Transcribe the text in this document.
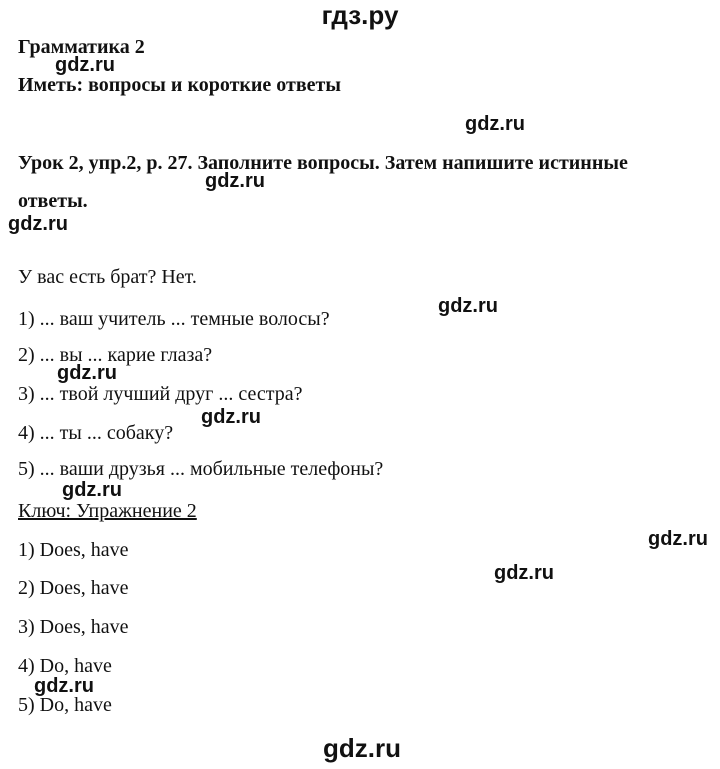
гдз.ру
Грамматика 2
Иметь: вопросы и короткие ответы
Урок 2, упр.2, р. 27. Заполните вопросы. Затем напишите истинные
ответы.
У вас есть брат? Нет.
1) ... ваш учитель ... темные волосы?
2) ... вы ... карие глаза?
3) ... твой лучший друг ... сестра?
4) ... ты ... собаку?
5) ... ваши друзья ... мобильные телефоны?
Ключ: Упражнение 2
1) Does, have
2) Does, have
3) Does, have
4) Do, have
5) Do, have
gdz.ru
gdz.ru
gdz.ru
gdz.ru
gdz.ru
gdz.ru
gdz.ru
gdz.ru
gdz.ru
gdz.ru
gdz.ru
gdz.ru
